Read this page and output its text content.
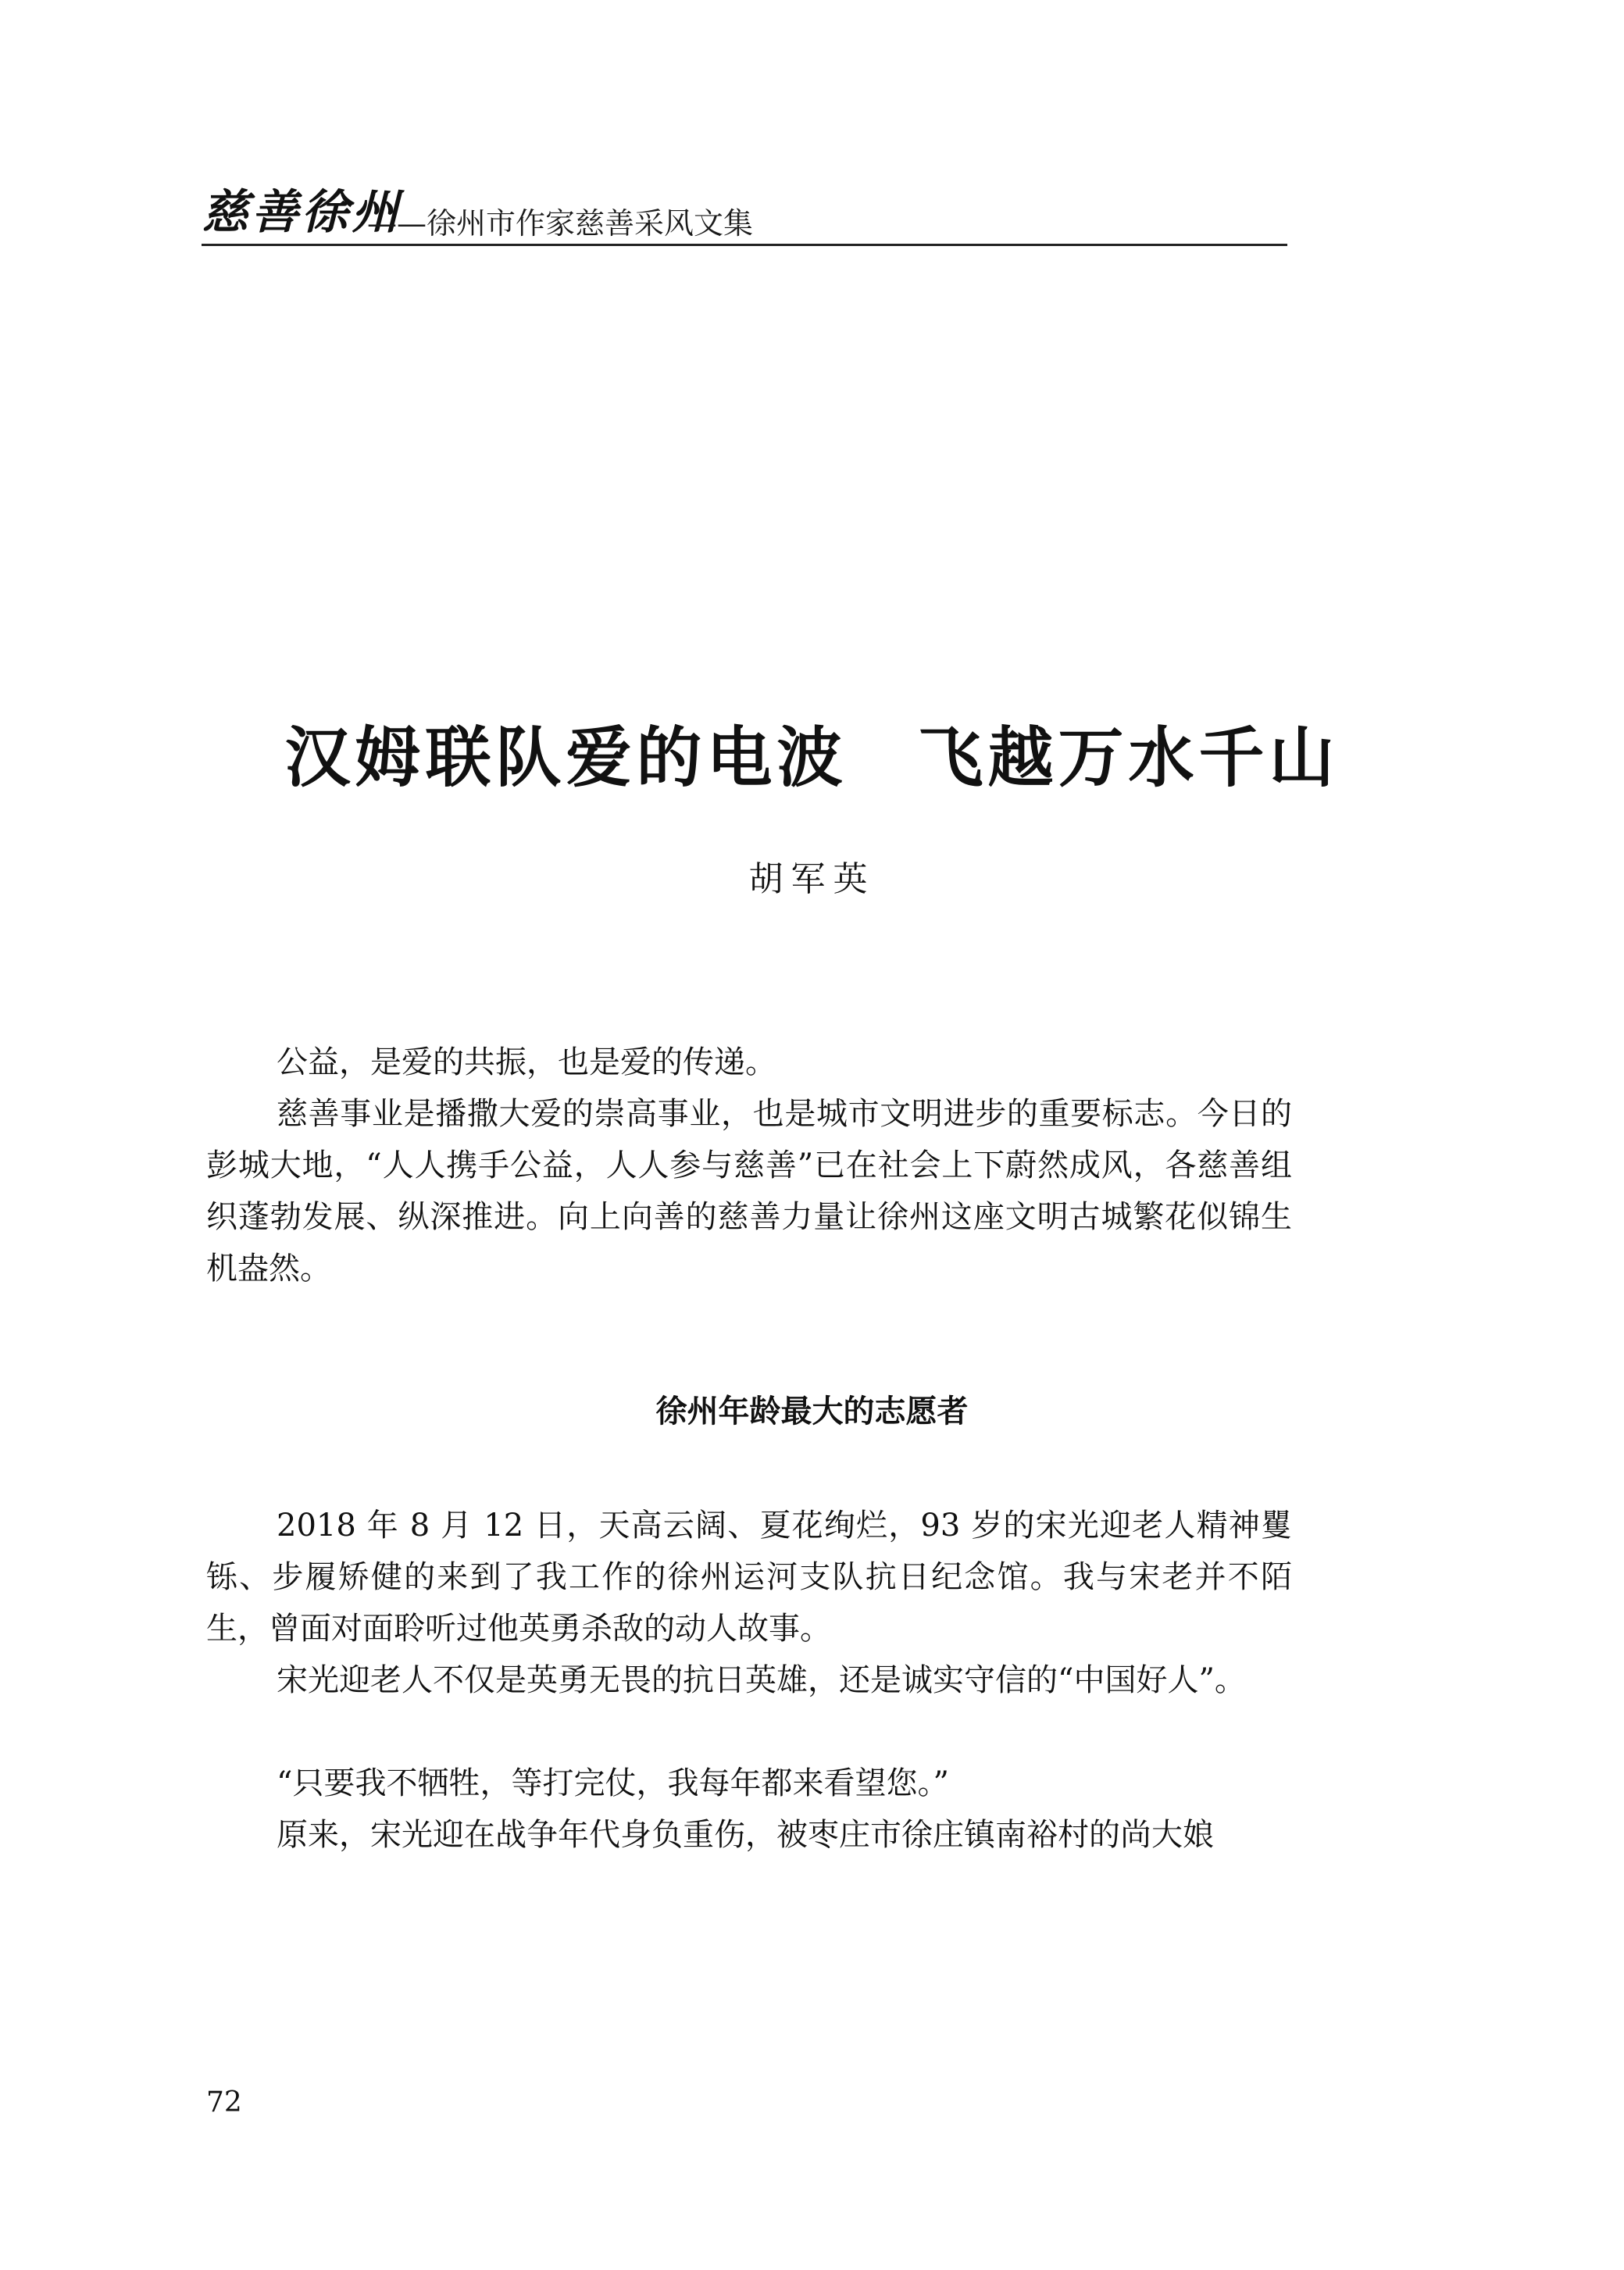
慈善徐州
——徐州市作家慈善采风文集
汉姆联队爱的电波　飞越万水千山
胡军英

公益，是爱的共振，也是爱的传递。

慈善事业是播撒大爱的崇高事业，也是城市文明进步的重要标志。今日的彭城大地，“人人携手公益，人人参与慈善”已在社会上下蔚然成风，各慈善组织蓬勃发展、纵深推进。向上向善的慈善力量让徐州这座文明古城繁花似锦生机盎然。

徐州年龄最大的志愿者

2018 年 8 月 12 日，天高云阔、夏花绚烂，93 岁的宋光迎老人精神矍铄、步履矫健的来到了我工作的徐州运河支队抗日纪念馆。我与宋老并不陌生，曾面对面聆听过他英勇杀敌的动人故事。

宋光迎老人不仅是英勇无畏的抗日英雄，还是诚实守信的“中国好人”。

“只要我不牺牲，等打完仗，我每年都来看望您。”

原来，宋光迎在战争年代身负重伤，被枣庄市徐庄镇南裕村的尚大娘

72
